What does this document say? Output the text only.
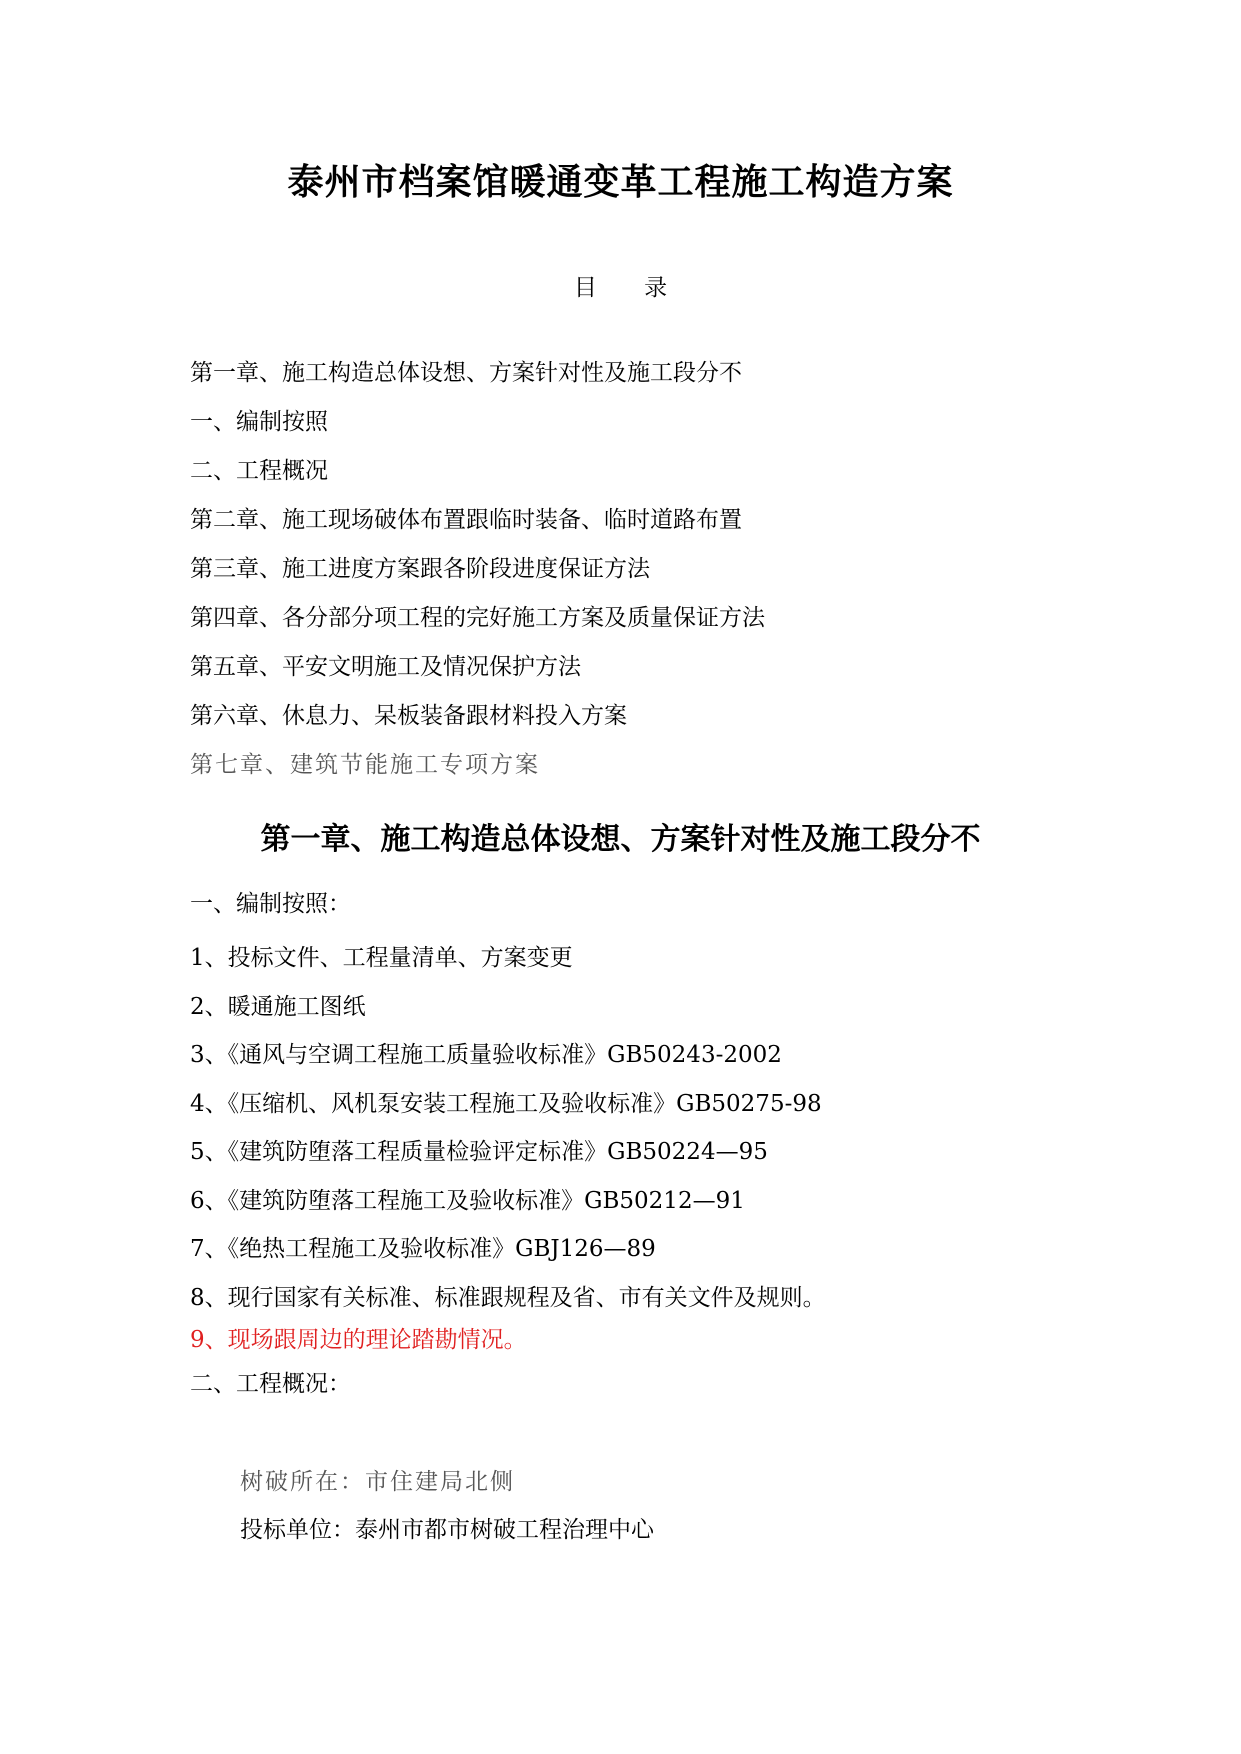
泰州市档案馆暖通变革工程施工构造方案
目 录
第一章、施工构造总体设想、方案针对性及施工段分不
一、编制按照
二、工程概况
第二章、施工现场破体布置跟临时装备、临时道路布置
第三章、施工进度方案跟各阶段进度保证方法
第四章、各分部分项工程的完好施工方案及质量保证方法
第五章、平安文明施工及情况保护方法
第六章、休息力、呆板装备跟材料投入方案
第七章、建筑节能施工专项方案
第一章、施工构造总体设想、方案针对性及施工段分不
一、编制按照：
1、投标文件、工程量清单、方案变更
2、暖通施工图纸
3、《通风与空调工程施工质量验收标准》GB50243-2002
4、《压缩机、风机泵安装工程施工及验收标准》GB50275-98
5、《建筑防堕落工程质量检验评定标准》GB50224—95
6、《建筑防堕落工程施工及验收标准》GB50212—91
7、《绝热工程施工及验收标准》GBJ126—89
8、现行国家有关标准、标准跟规程及省、市有关文件及规则。
9、现场跟周边的理论踏勘情况。
二、工程概况：
树破所在：市住建局北侧
投标单位：泰州市都市树破工程治理中心
